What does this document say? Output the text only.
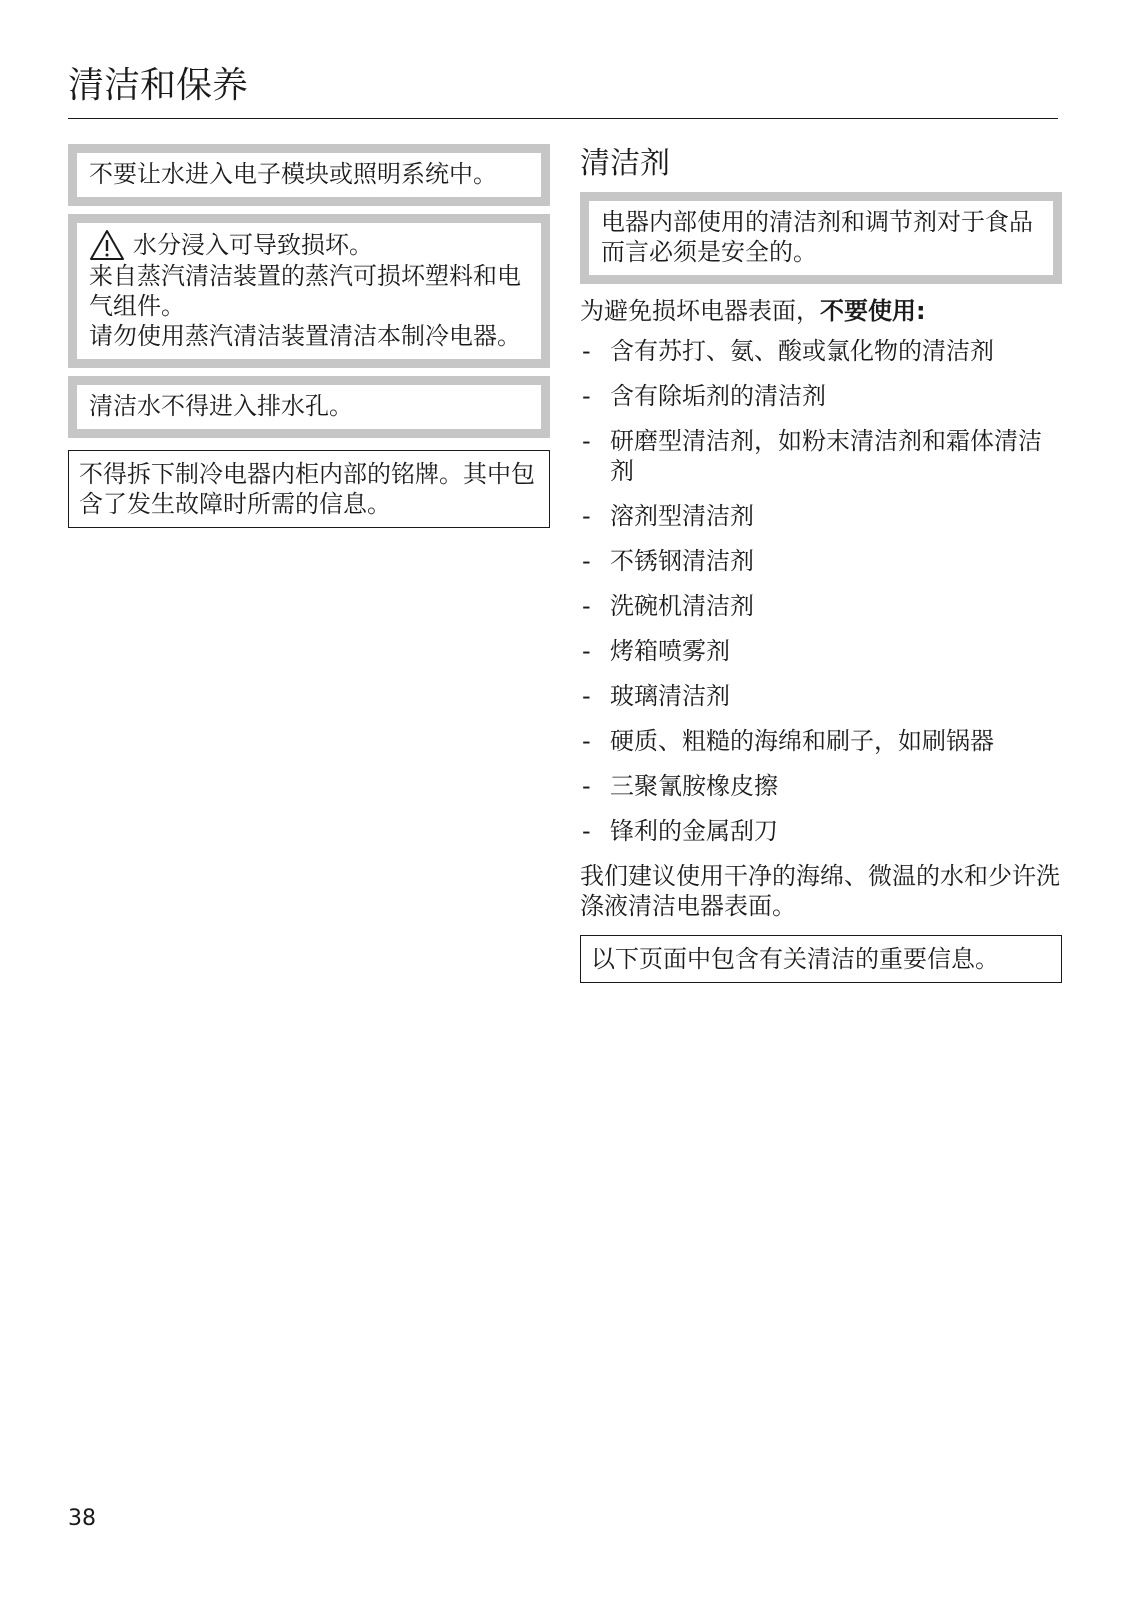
清洁和保养

不要让水进入电子模块或照明系统中。

水分浸入可导致损坏。

来自蒸汽清洁装置的蒸汽可损坏塑料和电气组件。

请勿使用蒸汽清洁装置清洁本制冷电器。

清洁水不得进入排水孔。

不得拆下制冷电器内柜内部的铭牌。其中包含了发生故障时所需的信息。
清洁剂

电器内部使用的清洁剂和调节剂对于食品而言必须是安全的。

为避免损坏电器表面，不要使用:

- 含有苏打、氨、酸或氯化物的清洁剂
- 含有除垢剂的清洁剂
- 研磨型清洁剂，如粉末清洁剂和霜体清洁剂
- 溶剂型清洁剂
- 不锈钢清洁剂
- 洗碗机清洁剂
- 烤箱喷雾剂
- 玻璃清洁剂
- 硬质、粗糙的海绵和刷子，如刷锅器
- 三聚氰胺橡皮擦
- 锋利的金属刮刀

我们建议使用干净的海绵、微温的水和少许洗涤液清洁电器表面。

以下页面中包含有关清洁的重要信息。
38
